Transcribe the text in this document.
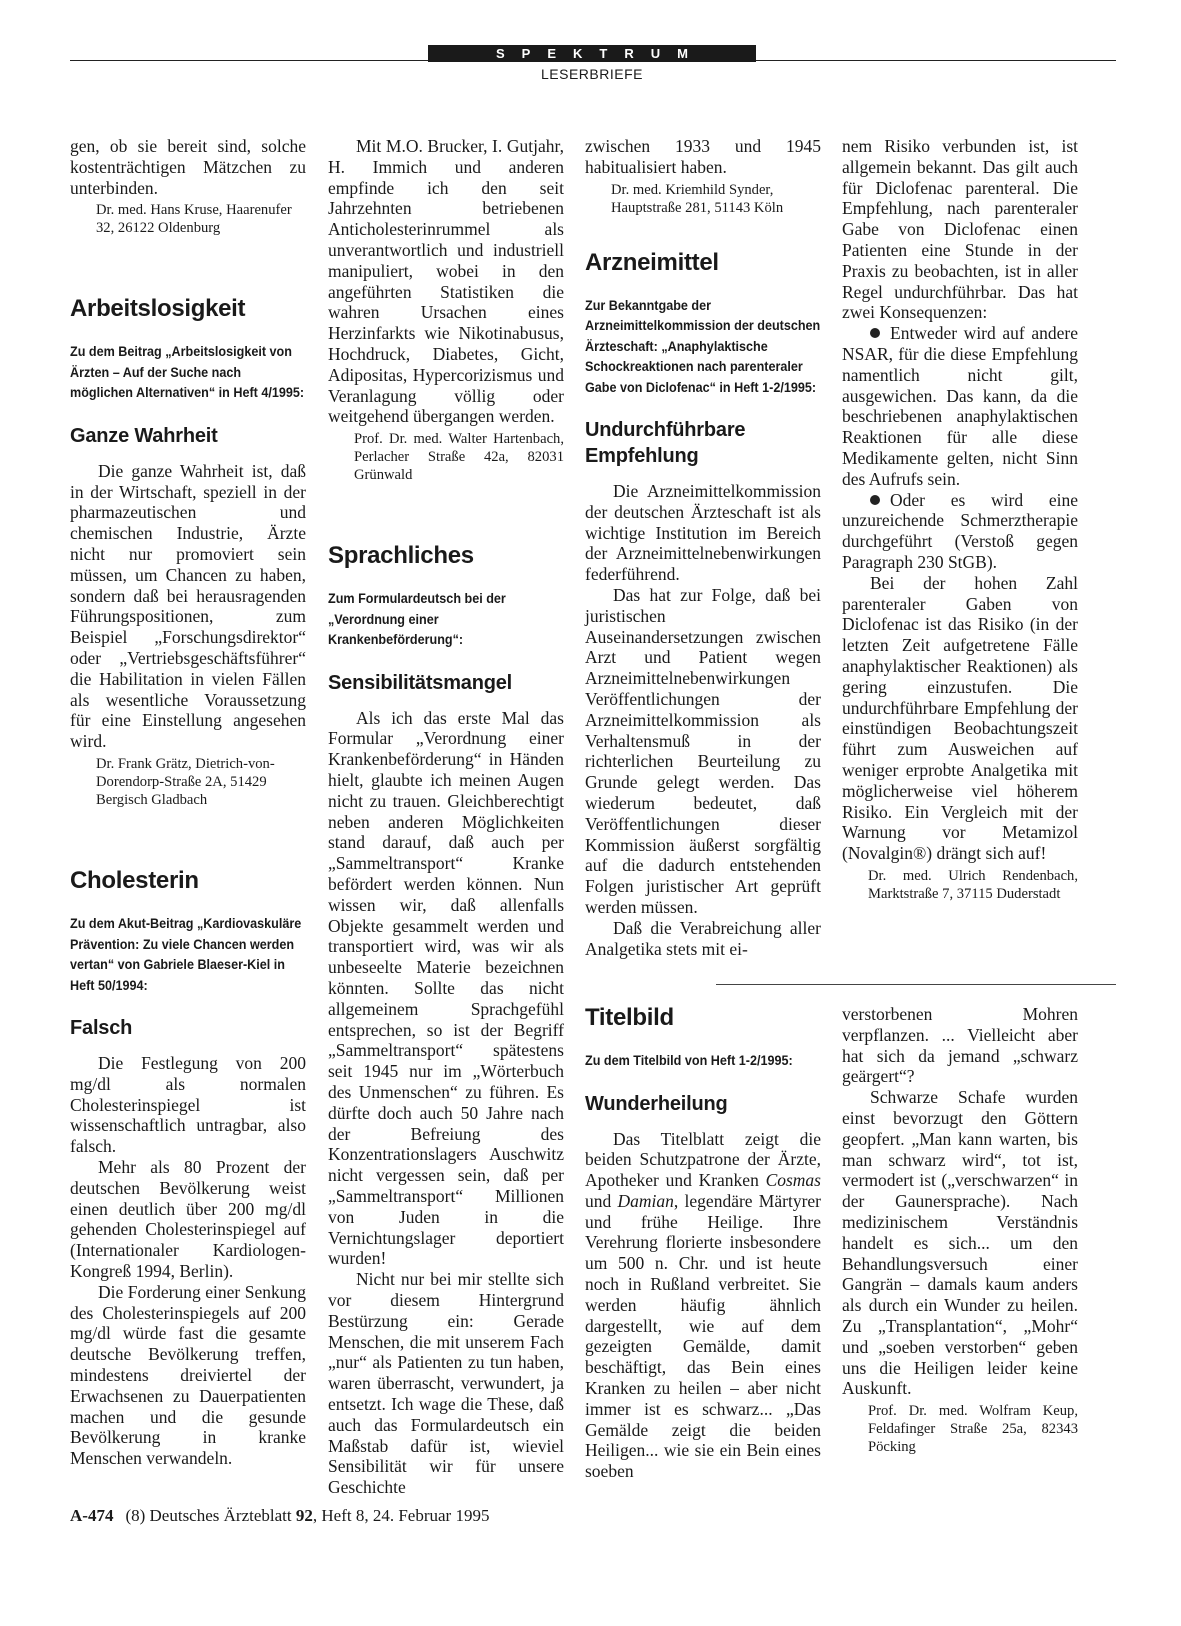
SPEKTRUM
LESERBRIEFE

gen, ob sie bereit sind, solche kostenträchtigen Mätzchen zu unterbinden.

Dr. med. Hans Kruse, Haarenufer 32, 26122 Oldenburg

Arbeitslosigkeit
Zu dem Beitrag „Arbeitslosigkeit von Ärzten – Auf der Suche nach möglichen Alternativen“ in Heft 4/1995:
Ganze Wahrheit

Die ganze Wahrheit ist, daß in der Wirtschaft, speziell in der pharmazeutischen und chemischen Industrie, Ärzte nicht nur promoviert sein müssen, um Chancen zu haben, sondern daß bei herausragenden Führungspositionen, zum Beispiel „Forschungsdirektor“ oder „Vertriebsgeschäftsführer“ die Habilitation in vielen Fällen als wesentliche Voraussetzung für eine Einstellung angesehen wird.

Dr. Frank Grätz, Dietrich-von-Dorendorp-Straße 2A, 51429 Bergisch Gladbach

Cholesterin
Zu dem Akut-Beitrag „Kardiovaskuläre Prävention: Zu viele Chancen werden vertan“ von Gabriele Blaeser-Kiel in Heft 50/1994:
Falsch

Die Festlegung von 200 mg/dl als normalen Cholesterinspiegel ist wissenschaftlich untragbar, also falsch.

Mehr als 80 Prozent der deutschen Bevölkerung weist einen deutlich über 200 mg/dl gehenden Cholesterinspiegel auf (Internationaler Kardiologen-Kongreß 1994, Berlin).

Die Forderung einer Senkung des Cholesterinspiegels auf 200 mg/dl würde fast die gesamte deutsche Bevölkerung treffen, mindestens dreiviertel der Erwachsenen zu Dauerpatienten machen und die gesunde Bevölkerung in kranke Menschen verwandeln.

Mit M.O. Brucker, I. Gutjahr, H. Immich und anderen empfinde ich den seit Jahrzehnten betriebenen Anticholesterinrummel als unverantwortlich und industriell manipuliert, wobei in den angeführten Statistiken die wahren Ursachen eines Herzinfarkts wie Nikotinabusus, Hochdruck, Diabetes, Gicht, Adipositas, Hypercorizismus und Veranlagung völlig oder weitgehend übergangen werden.

Prof. Dr. med. Walter Hartenbach, Perlacher Straße 42a, 82031 Grünwald

Sprachliches
Zum Formulardeutsch bei der „Verordnung einer Krankenbeförderung“:
Sensibilitätsmangel

Als ich das erste Mal das Formular „Verordnung einer Krankenbeförderung“ in Händen hielt, glaubte ich meinen Augen nicht zu trauen. Gleichberechtigt neben anderen Möglichkeiten stand darauf, daß auch per „Sammeltransport“ Kranke befördert werden können. Nun wissen wir, daß allenfalls Objekte gesammelt werden und transportiert wird, was wir als unbeseelte Materie bezeichnen könnten. Sollte das nicht allgemeinem Sprachgefühl entsprechen, so ist der Begriff „Sammeltransport“ spätestens seit 1945 nur im „Wörterbuch des Unmenschen“ zu führen. Es dürfte doch auch 50 Jahre nach der Befreiung des Konzentrationslagers Auschwitz nicht vergessen sein, daß per „Sammeltransport“ Millionen von Juden in die Vernichtungslager deportiert wurden!

Nicht nur bei mir stellte sich vor diesem Hintergrund Bestürzung ein: Gerade Menschen, die mit unserem Fach „nur“ als Patienten zu tun haben, waren überrascht, verwundert, ja entsetzt. Ich wage die These, daß auch das Formulardeutsch ein Maßstab dafür ist, wieviel Sensibilität wir für unsere Geschichte

zwischen 1933 und 1945 habitualisiert haben.

Dr. med. Kriemhild Synder, Hauptstraße 281, 51143 Köln

Arzneimittel
Zur Bekanntgabe der Arzneimittelkommission der deutschen Ärzteschaft: „Anaphylaktische Schockreaktionen nach parenteraler Gabe von Diclofenac“ in Heft 1-2/1995:
Undurchführbare Empfehlung

Die Arzneimittelkommission der deutschen Ärzteschaft ist als wichtige Institution im Bereich der Arzneimittelnebenwirkungen federführend.

Das hat zur Folge, daß bei juristischen Auseinandersetzungen zwischen Arzt und Patient wegen Arzneimittelnebenwirkungen Veröffentlichungen der Arzneimittelkommission als Verhaltensmuß in der richterlichen Beurteilung zu Grunde gelegt werden. Das wiederum bedeutet, daß Veröffentlichungen dieser Kommission äußerst sorgfältig auf die dadurch entstehenden Folgen juristischer Art geprüft werden müssen.

Daß die Verabreichung aller Analgetika stets mit ei-

Titelbild
Zu dem Titelbild von Heft 1-2/1995:
Wunderheilung

Das Titelblatt zeigt die beiden Schutzpatrone der Ärzte, Apotheker und Kranken Cosmas und Damian, legendäre Märtyrer und frühe Heilige. Ihre Verehrung florierte insbesondere um 500 n. Chr. und ist heute noch in Rußland verbreitet. Sie werden häufig ähnlich dargestellt, wie auf dem gezeigten Gemälde, damit beschäftigt, das Bein eines Kranken zu heilen – aber nicht immer ist es schwarz... „Das Gemälde zeigt die beiden Heiligen... wie sie ein Bein eines soeben

nem Risiko verbunden ist, ist allgemein bekannt. Das gilt auch für Diclofenac parenteral. Die Empfehlung, nach parenteraler Gabe von Diclofenac einen Patienten eine Stunde in der Praxis zu beobachten, ist in aller Regel undurchführbar. Das hat zwei Konsequenzen:

Entweder wird auf andere NSAR, für die diese Empfehlung namentlich nicht gilt, ausgewichen. Das kann, da die beschriebenen anaphylaktischen Reaktionen für alle diese Medikamente gelten, nicht Sinn des Aufrufs sein.

Oder es wird eine unzureichende Schmerztherapie durchgeführt (Verstoß gegen Paragraph 230 StGB).

Bei der hohen Zahl parenteraler Gaben von Diclofenac ist das Risiko (in der letzten Zeit aufgetretene Fälle anaphylaktischer Reaktionen) als gering einzustufen. Die undurchführbare Empfehlung der einstündigen Beobachtungszeit führt zum Ausweichen auf weniger erprobte Analgetika mit möglicherweise viel höherem Risiko. Ein Vergleich mit der Warnung vor Metamizol (Novalgin®) drängt sich auf!

Dr. med. Ulrich Rendenbach, Marktstraße 7, 37115 Duderstadt

verstorbenen Mohren verpflanzen. ... Vielleicht aber hat sich da jemand „schwarz geärgert“?

Schwarze Schafe wurden einst bevorzugt den Göttern geopfert. „Man kann warten, bis man schwarz wird“, tot ist, vermodert ist („verschwarzen“ in der Gaunersprache). Nach medizinischem Verständnis handelt es sich... um den Behandlungsversuch einer Gangrän – damals kaum anders als durch ein Wunder zu heilen. Zu „Transplantation“, „Mohr“ und „soeben verstorben“ geben uns die Heiligen leider keine Auskunft.

Prof. Dr. med. Wolfram Keup, Feldafinger Straße 25a, 82343 Pöcking

A-474 (8) Deutsches Ärzteblatt 92, Heft 8, 24. Februar 1995
